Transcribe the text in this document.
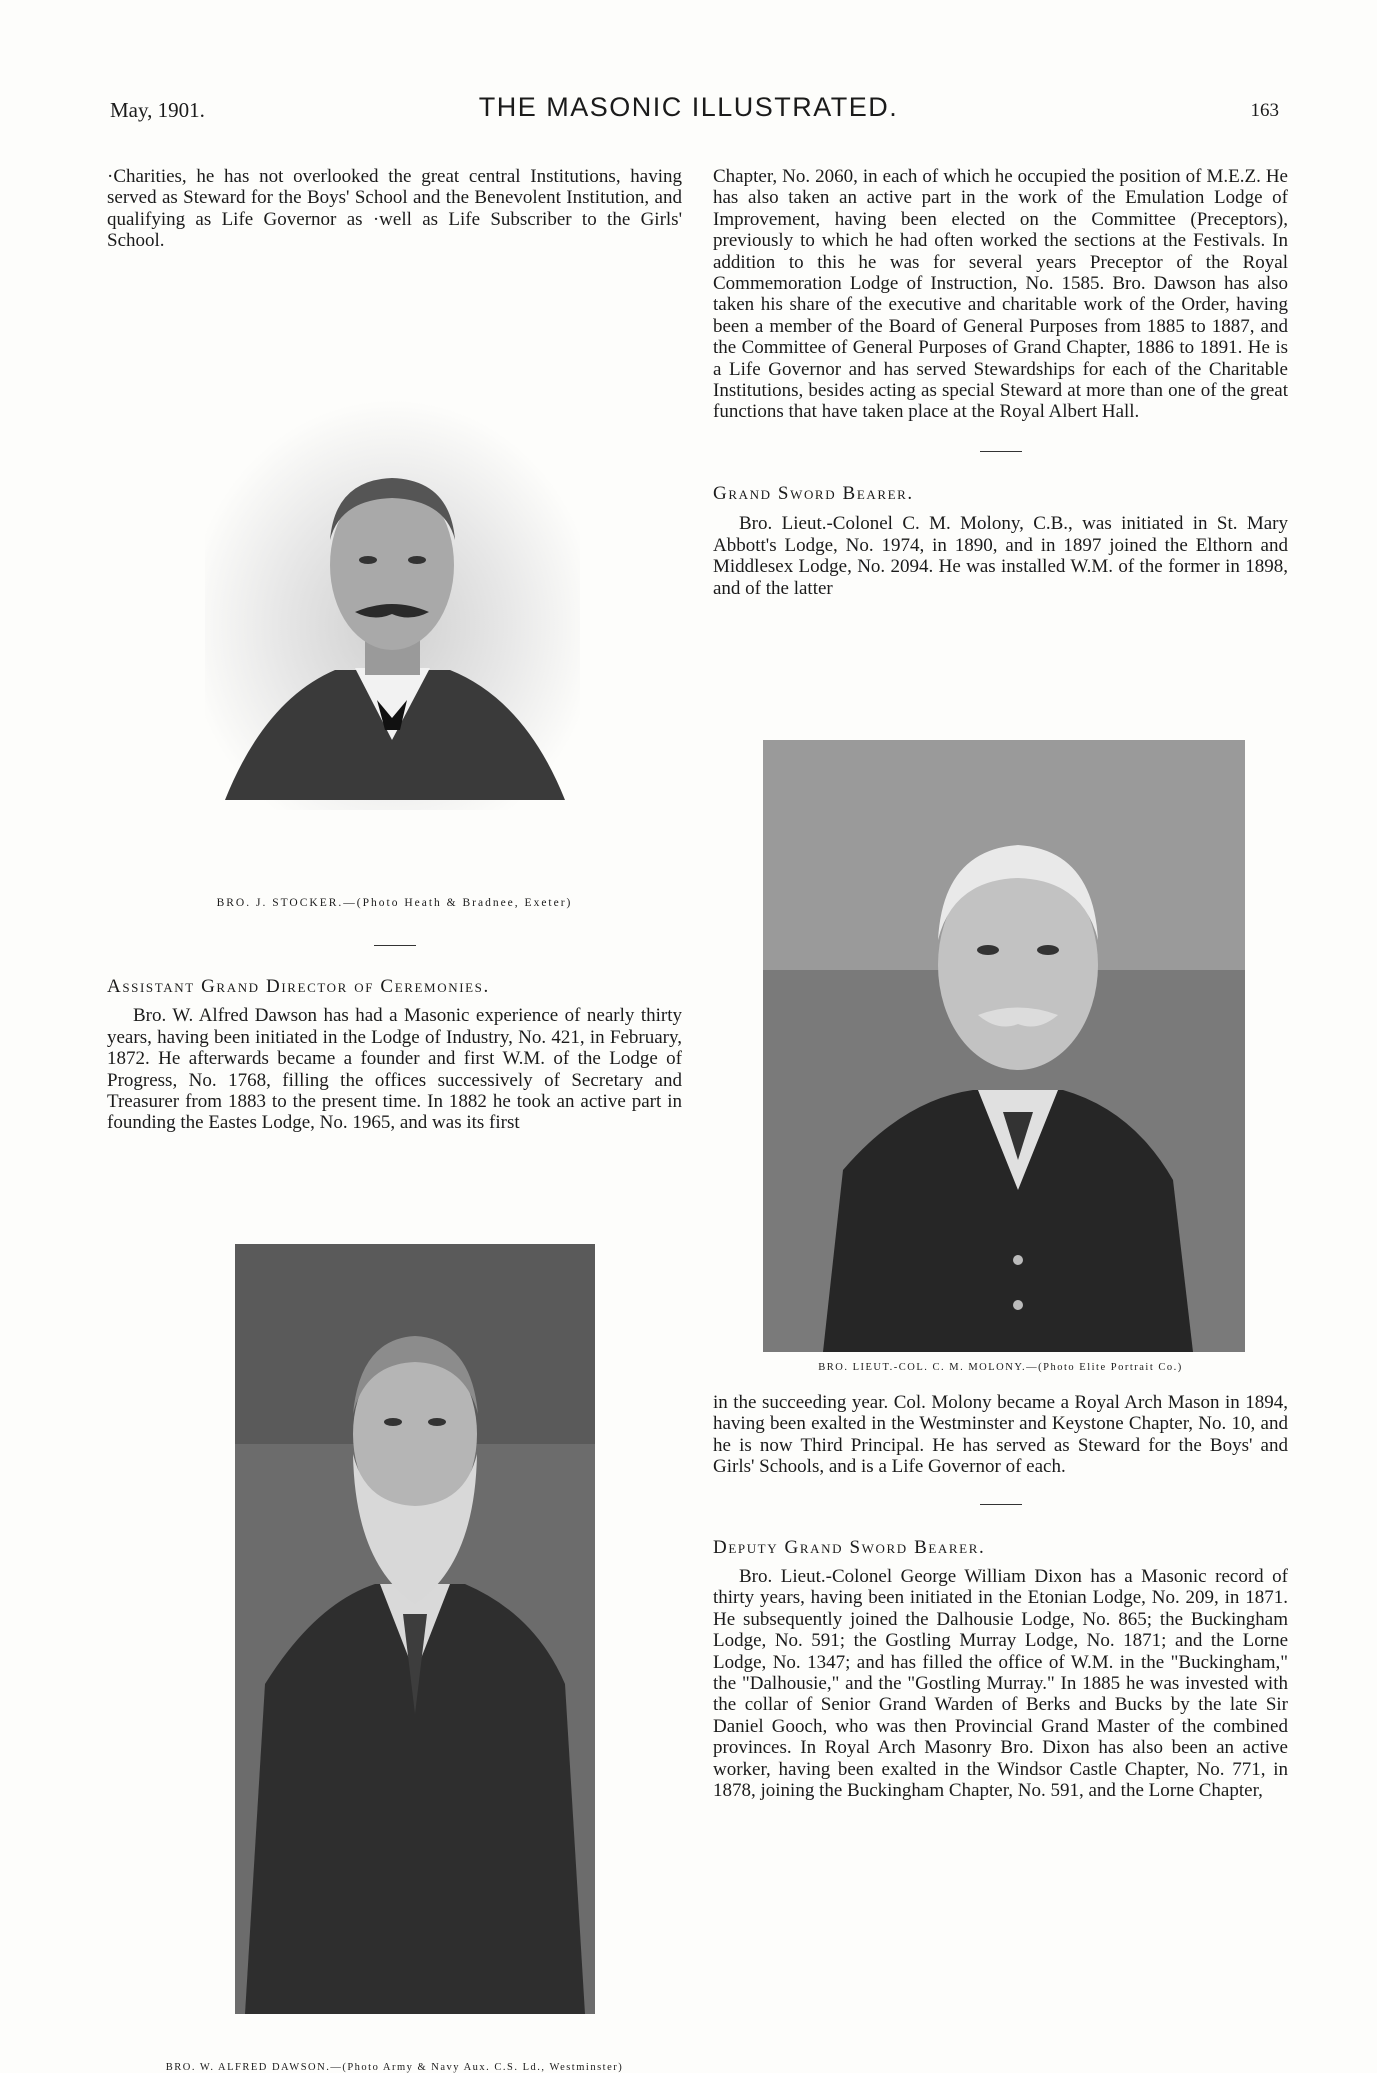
May, 1901.	THE MASONIC ILLUSTRATED.	163

·Charities, he has not overlooked the great central Institutions, having served as Steward for the Boys' School and the Benevolent Institution, and qualifying as Life Governor as ·well as Life Subscriber to the Girls' School.

BRO. J. STOCKER.—(Photo Heath & Bradnee, Exeter)

Assistant Grand Director of Ceremonies.

Bro. W. Alfred Dawson has had a Masonic experience of nearly thirty years, having been initiated in the Lodge of Industry, No. 421, in February, 1872. He afterwards became a founder and first W.M. of the Lodge of Progress, No. 1768, filling the offices successively of Secretary and Treasurer from 1883 to the present time. In 1882 he took an active part in founding the Eastes Lodge, No. 1965, and was its first

BRO. W. ALFRED DAWSON.—(Photo Army & Navy Aux. C.S. Ld., Westminster)

Chapter, No. 2060, in each of which he occupied the position of M.E.Z. He has also taken an active part in the work of the Emulation Lodge of Improvement, having been elected on the Committee (Preceptors), previously to which he had often worked the sections at the Festivals. In addition to this he was for several years Preceptor of the Royal Commemoration Lodge of Instruction, No. 1585. Bro. Dawson has also taken his share of the executive and charitable work of the Order, having been a member of the Board of General Purposes from 1885 to 1887, and the Committee of General Purposes of Grand Chapter, 1886 to 1891. He is a Life Governor and has served Stewardships for each of the Charitable Institutions, besides acting as special Steward at more than one of the great functions that have taken place at the Royal Albert Hall.

Grand Sword Bearer.

Bro. Lieut.-Colonel C. M. Molony, C.B., was initiated in St. Mary Abbott's Lodge, No. 1974, in 1890, and in 1897 joined the Elthorn and Middlesex Lodge, No. 2094. He was installed W.M. of the former in 1898, and of the latter

BRO. LIEUT.-COL. C. M. MOLONY.—(Photo Elite Portrait Co.)

in the succeeding year. Col. Molony became a Royal Arch Mason in 1894, having been exalted in the Westminster and Keystone Chapter, No. 10, and he is now Third Principal. He has served as Steward for the Boys' and Girls' Schools, and is a Life Governor of each.

Deputy Grand Sword Bearer.

Bro. Lieut.-Colonel George William Dixon has a Masonic record of thirty years, having been initiated in the Etonian Lodge, No. 209, in 1871. He subsequently joined the Dalhousie Lodge, No. 865; the Buckingham Lodge, No. 591; the Gostling Murray Lodge, No. 1871; and the Lorne Lodge, No. 1347; and has filled the office of W.M. in the "Buckingham," the "Dalhousie," and the "Gostling Murray." In 1885 he was invested with the collar of Senior Grand Warden of Berks and Bucks by the late Sir Daniel Gooch, who was then Provincial Grand Master of the combined provinces. In Royal Arch Masonry Bro. Dixon has also been an active worker, having been exalted in the Windsor Castle Chapter, No. 771, in 1878, joining the Buckingham Chapter, No. 591, and the Lorne Chapter,
